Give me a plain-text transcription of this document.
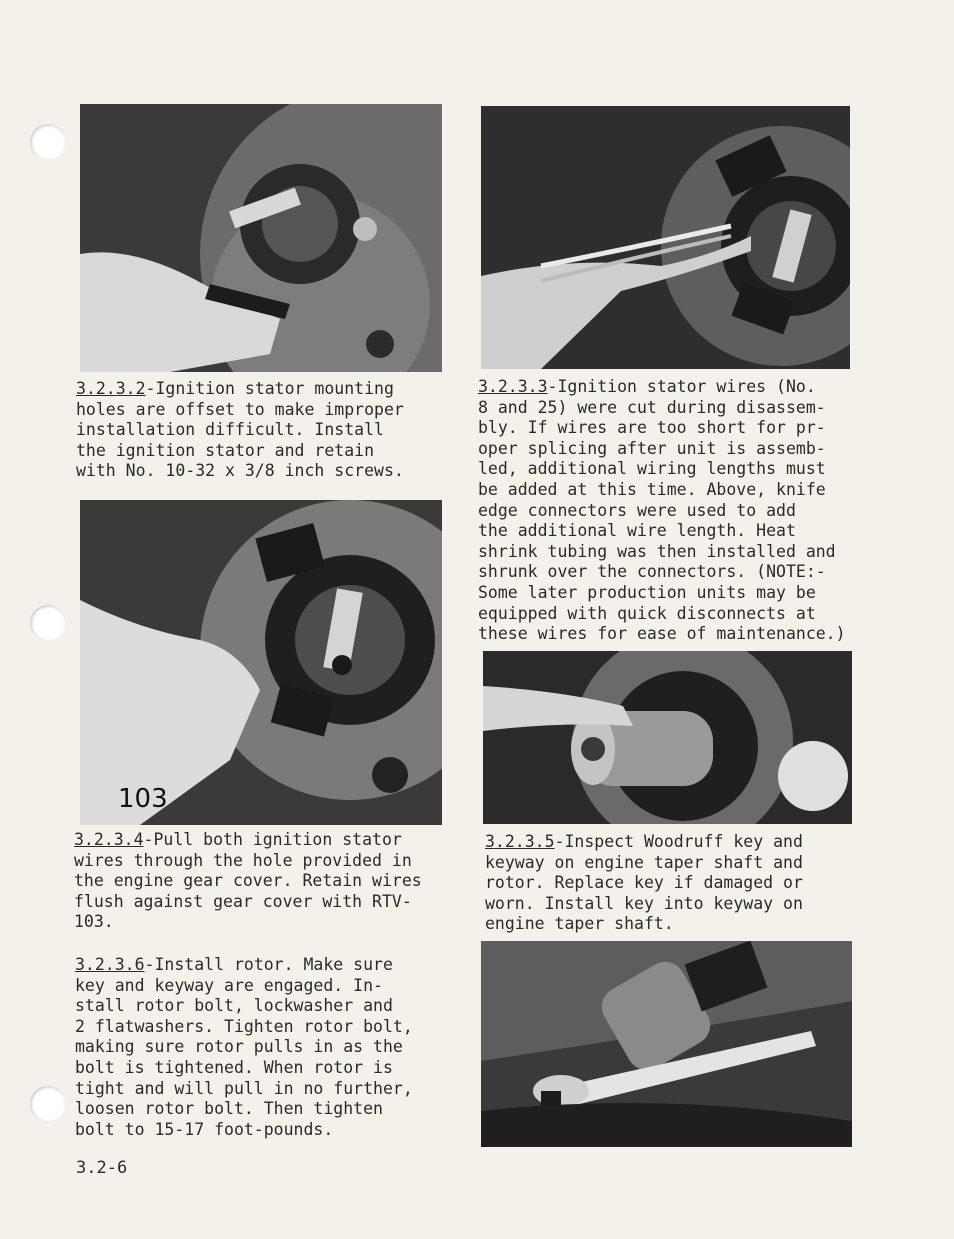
103
3.2.3.2-Ignition stator mounting
holes are offset to make improper
installation difficult. Install
the ignition stator and retain
with No. 10-32 x 3/8 inch screws.
3.2.3.3-Ignition stator wires (No.
8 and 25) were cut during disassem-
bly. If wires are too short for pr-
oper splicing after unit is assemb-
led, additional wiring lengths must
be added at this time. Above, knife
edge connectors were used to add
the additional wire length. Heat
shrink tubing was then installed and
shrunk over the connectors. (NOTE:-
Some later production units may be
equipped with quick disconnects at
these wires for ease of maintenance.)
3.2.3.4-Pull both ignition stator
wires through the hole provided in
the engine gear cover. Retain wires
flush against gear cover with RTV-
103.
3.2.3.5-Inspect Woodruff key and
keyway on engine taper shaft and
rotor. Replace key if damaged or
worn. Install key into keyway on
engine taper shaft.
3.2.3.6-Install rotor. Make sure
key and keyway are engaged. In-
stall rotor bolt, lockwasher and
2 flatwashers. Tighten rotor bolt,
making sure rotor pulls in as the
bolt is tightened. When rotor is
tight and will pull in no further,
loosen rotor bolt. Then tighten
bolt to 15-17 foot-pounds.
3.2-6
